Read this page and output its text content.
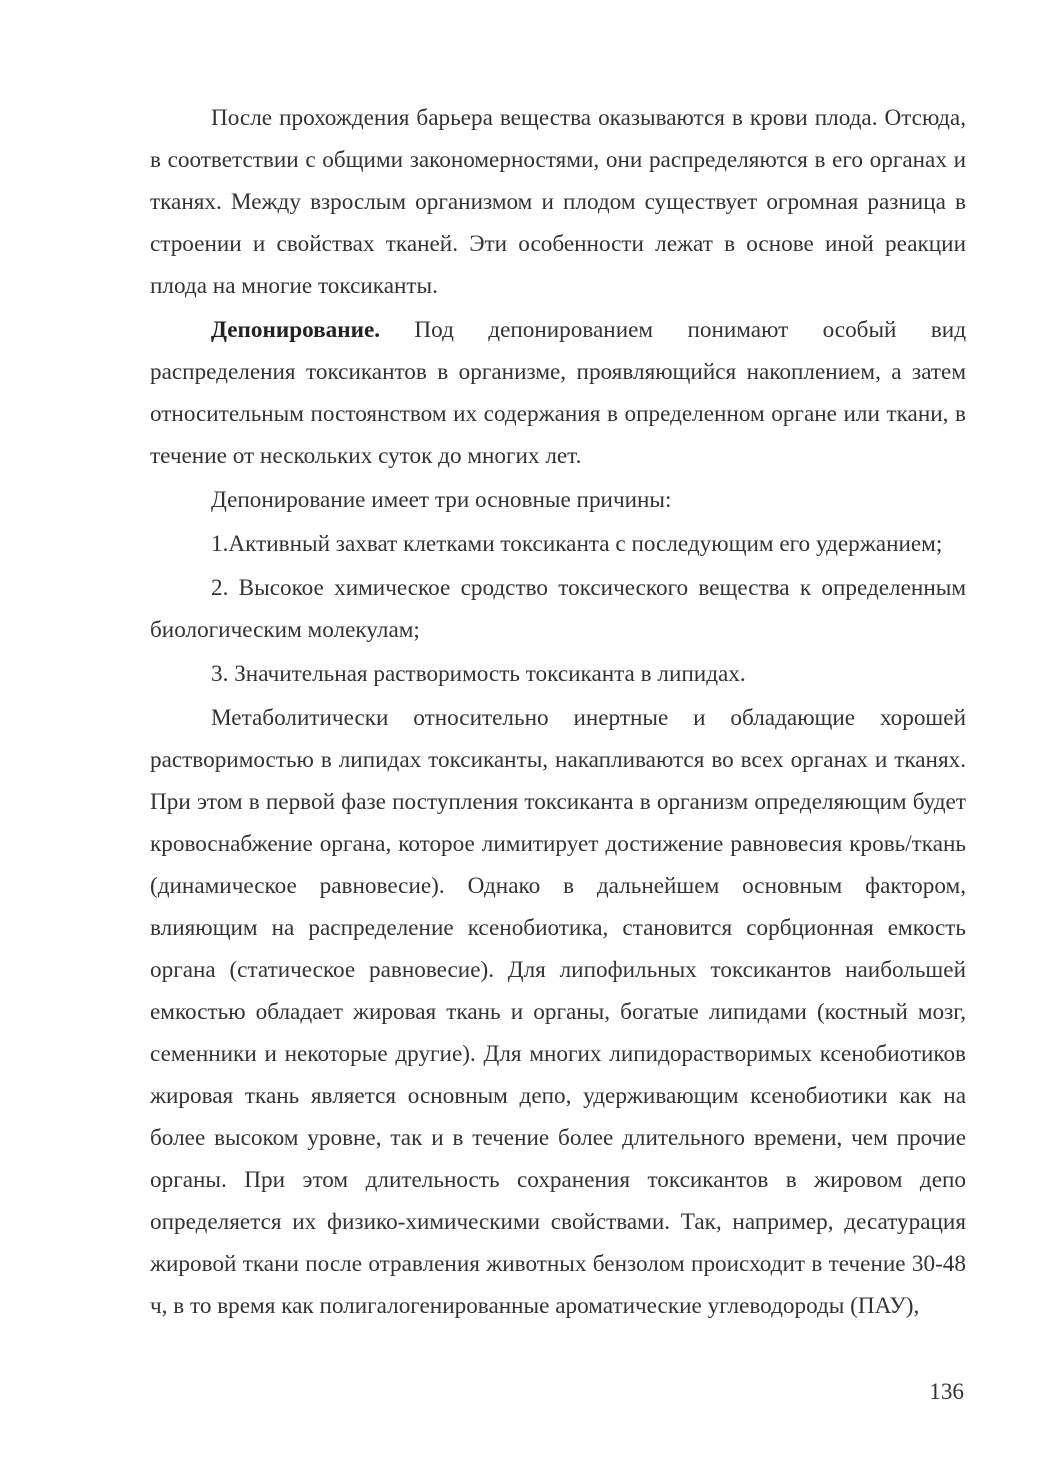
После прохождения барьера вещества оказываются в крови плода. Отсюда, в соответствии с общими закономерностями, они распределяются в его органах и тканях. Между взрослым организмом и плодом существует огромная разница в строении и свойствах тканей. Эти особенности лежат в основе иной реакции плода на многие токсиканты.

Депонирование. Под депонированием понимают особый вид распределения токсикантов в организме, проявляющийся накоплением, а затем относительным постоянством их содержания в определенном органе или ткани, в течение от нескольких суток до многих лет.

Депонирование имеет три основные причины:

1.Активный захват клетками токсиканта с последующим его удержанием;

2. Высокое химическое сродство токсического вещества к определенным биологическим молекулам;

3. Значительная растворимость токсиканта в липидах.

Метаболитически относительно инертные и обладающие хорошей растворимостью в липидах токсиканты, накапливаются во всех органах и тканях. При этом в первой фазе поступления токсиканта в организм определяющим будет кровоснабжение органа, которое лимитирует достижение равновесия кровь/ткань (динамическое равновесие). Однако в дальнейшем основным фактором, влияющим на распределение ксенобиотика, становится сорбционная емкость органа (статическое равновесие). Для липофильных токсикантов наибольшей емкостью обладает жировая ткань и органы, богатые липидами (костный мозг, семенники и некоторые другие). Для многих липидорастворимых ксенобиотиков жировая ткань является основным депо, удерживающим ксенобиотики как на более высоком уровне, так и в течение более длительного времени, чем прочие органы. При этом длительность сохранения токсикантов в жировом депо определяется их физико-химическими свойствами. Так, например, десатурация жировой ткани после отравления животных бензолом происходит в течение 30-48 ч, в то время как полигалогенированные ароматические углеводороды (ПАУ),

136
